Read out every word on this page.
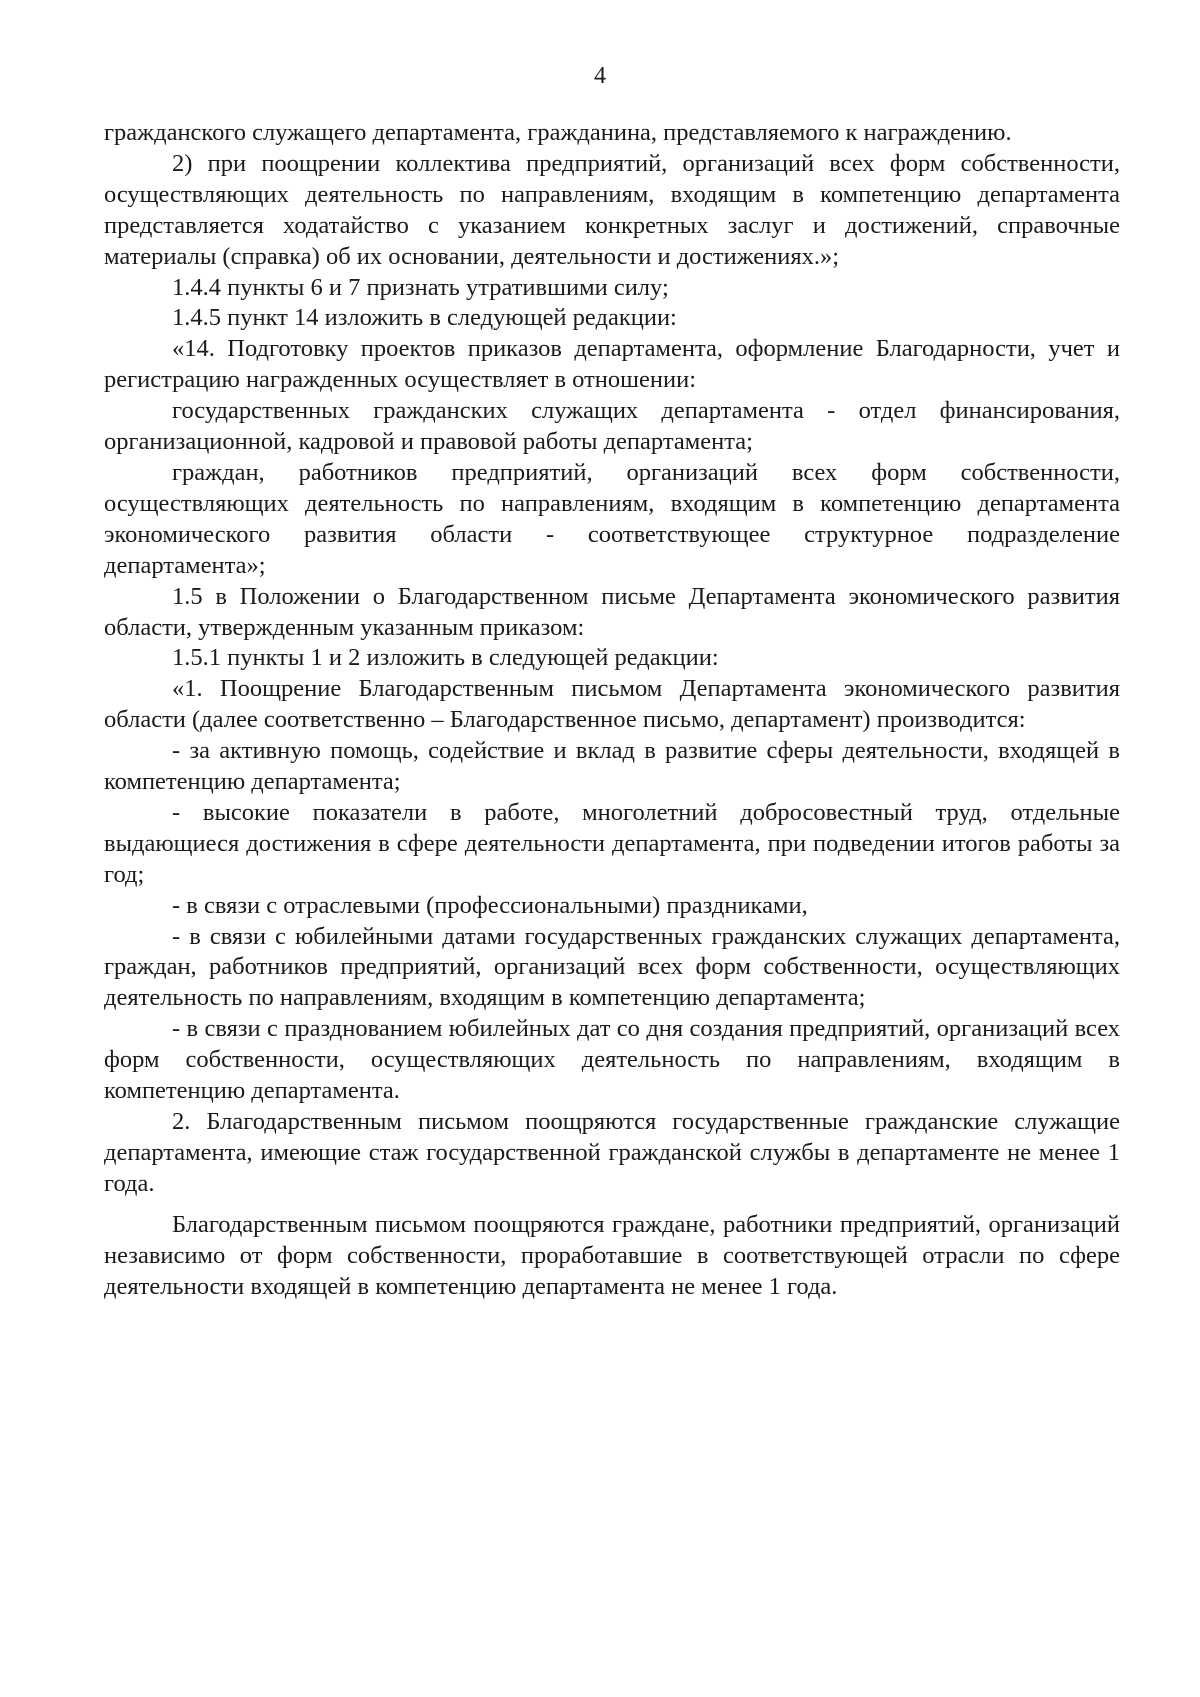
4

гражданского служащего департамента, гражданина, представляемого к награждению.

2) при поощрении коллектива предприятий, организаций всех форм собственности, осуществляющих деятельность по направлениям, входящим в компетенцию департамента представляется ходатайство с указанием конкретных заслуг и достижений, справочные материалы (справка) об их основании, деятельности и достижениях.»;

1.4.4 пункты 6 и 7 признать утратившими силу;

1.4.5 пункт 14 изложить в следующей редакции:

«14. Подготовку проектов приказов департамента, оформление Благодарности, учет и регистрацию награжденных осуществляет в отношении:

государственных гражданских служащих департамента - отдел финансирования, организационной, кадровой и правовой работы департамента;

граждан, работников предприятий, организаций всех форм собственности, осуществляющих деятельность по направлениям, входящим в компетенцию департамента экономического развития области - соответствующее структурное подразделение департамента»;

1.5 в Положении о Благодарственном письме Департамента экономического развития области, утвержденным указанным приказом:

1.5.1 пункты 1 и 2 изложить в следующей редакции:

«1. Поощрение Благодарственным письмом Департамента экономического развития области (далее соответственно – Благодарственное письмо, департамент) производится:

- за активную помощь, содействие и вклад в развитие сферы деятельности, входящей в компетенцию департамента;

- высокие показатели в работе, многолетний добросовестный труд, отдельные выдающиеся достижения в сфере деятельности департамента, при подведении итогов работы за год;

- в связи с отраслевыми (профессиональными) праздниками,

- в связи с юбилейными датами государственных гражданских служащих департамента, граждан, работников предприятий, организаций всех форм собственности, осуществляющих деятельность по направлениям, входящим в компетенцию департамента;

- в связи с празднованием юбилейных дат со дня создания предприятий, организаций всех форм собственности, осуществляющих деятельность по направлениям, входящим в компетенцию департамента.

2. Благодарственным письмом поощряются государственные гражданские служащие департамента, имеющие стаж государственной гражданской службы в департаменте не менее 1 года.

Благодарственным письмом поощряются граждане, работники предприятий, организаций независимо от форм собственности, проработавшие в соответствующей отрасли по сфере деятельности входящей в компетенцию департамента не менее 1 года.
